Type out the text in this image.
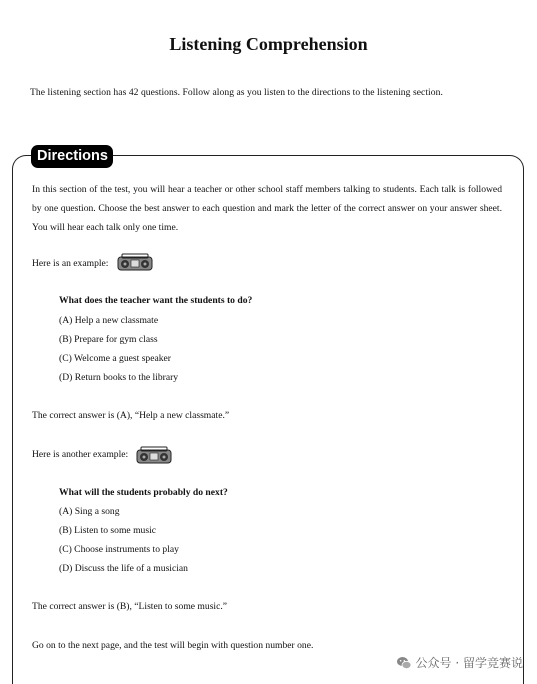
Listening Comprehension
The listening section has 42 questions. Follow along as you listen to the directions to the listening section.
Directions
In this section of the test, you will hear a teacher or other school staff members talking to students. Each talk is followed by one question. Choose the best answer to each question and mark the letter of the correct answer on your answer sheet. You will hear each talk only one time.
Here is an example:
What does the teacher want the students to do?
(A) Help a new classmate
(B) Prepare for gym class
(C) Welcome a guest speaker
(D) Return books to the library
The correct answer is (A), “Help a new classmate.”
Here is another example:
What will the students probably do next?
(A) Sing a song
(B) Listen to some music
(C) Choose instruments to play
(D) Discuss the life of a musician
The correct answer is (B), “Listen to some music.”
Go on to the next page, and the test will begin with question number one.
公众号 · 留学竞赛说
